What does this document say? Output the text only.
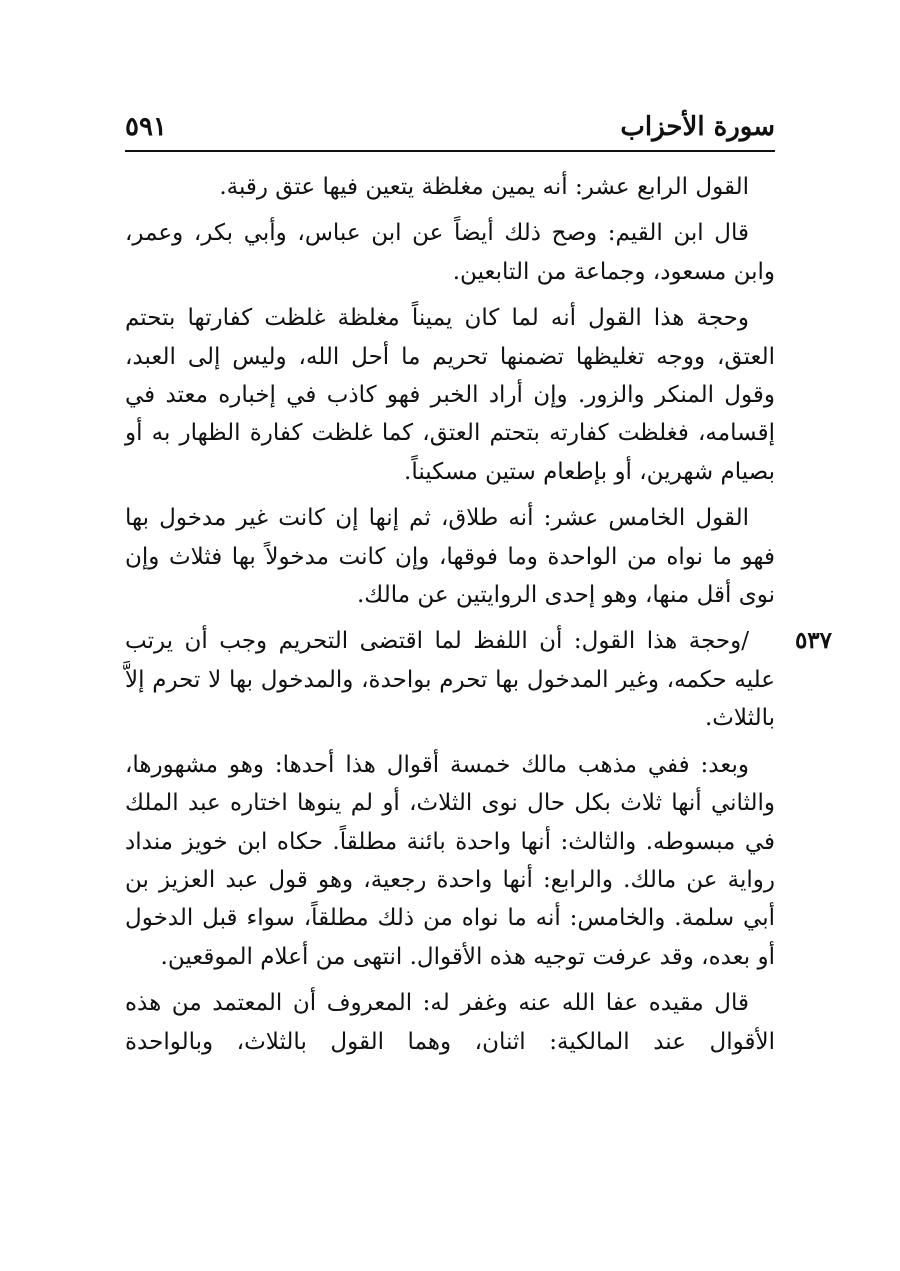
سورة الأحزاب
٥٩١

القول الرابع عشر: أنه يمين مغلظة يتعين فيها عتق رقبة.

قال ابن القيم: وصح ذلك أيضاً عن ابن عباس، وأبي بكر، وعمر، وابن مسعود، وجماعة من التابعين.

وحجة هذا القول أنه لما كان يميناً مغلظة غلظت كفارتها بتحتم العتق، ووجه تغليظها تضمنها تحريم ما أحل الله، وليس إلى العبد، وقول المنكر والزور. وإن أراد الخبر فهو كاذب في إخباره معتد في إقسامه، فغلظت كفارته بتحتم العتق، كما غلظت كفارة الظهار به أو بصيام شهرين، أو بإطعام ستين مسكيناً.

القول الخامس عشر: أنه طلاق، ثم إنها إن كانت غير مدخول بها فهو ما نواه من الواحدة وما فوقها، وإن كانت مدخولاً بها فثلاث وإن نوى أقل منها، وهو إحدى الروايتين عن مالك.

٥٣٧
/وحجة هذا القول: أن اللفظ لما اقتضى التحريم وجب أن يرتب عليه حكمه، وغير المدخول بها تحرم بواحدة، والمدخول بها لا تحرم إلاَّ بالثلاث.

وبعد: ففي مذهب مالك خمسة أقوال هذا أحدها: وهو مشهورها، والثاني أنها ثلاث بكل حال نوى الثلاث، أو لم ينوها اختاره عبد الملك في مبسوطه. والثالث: أنها واحدة بائنة مطلقاً. حكاه ابن خويز منداد رواية عن مالك. والرابع: أنها واحدة رجعية، وهو قول عبد العزيز بن أبي سلمة. والخامس: أنه ما نواه من ذلك مطلقاً، سواء قبل الدخول أو بعده، وقد عرفت توجيه هذه الأقوال. انتهى من أعلام الموقعين.

قال مقيده عفا الله عنه وغفر له: المعروف أن المعتمد من هذه الأقوال عند المالكية: اثنان، وهما القول بالثلاث، وبالواحدة
